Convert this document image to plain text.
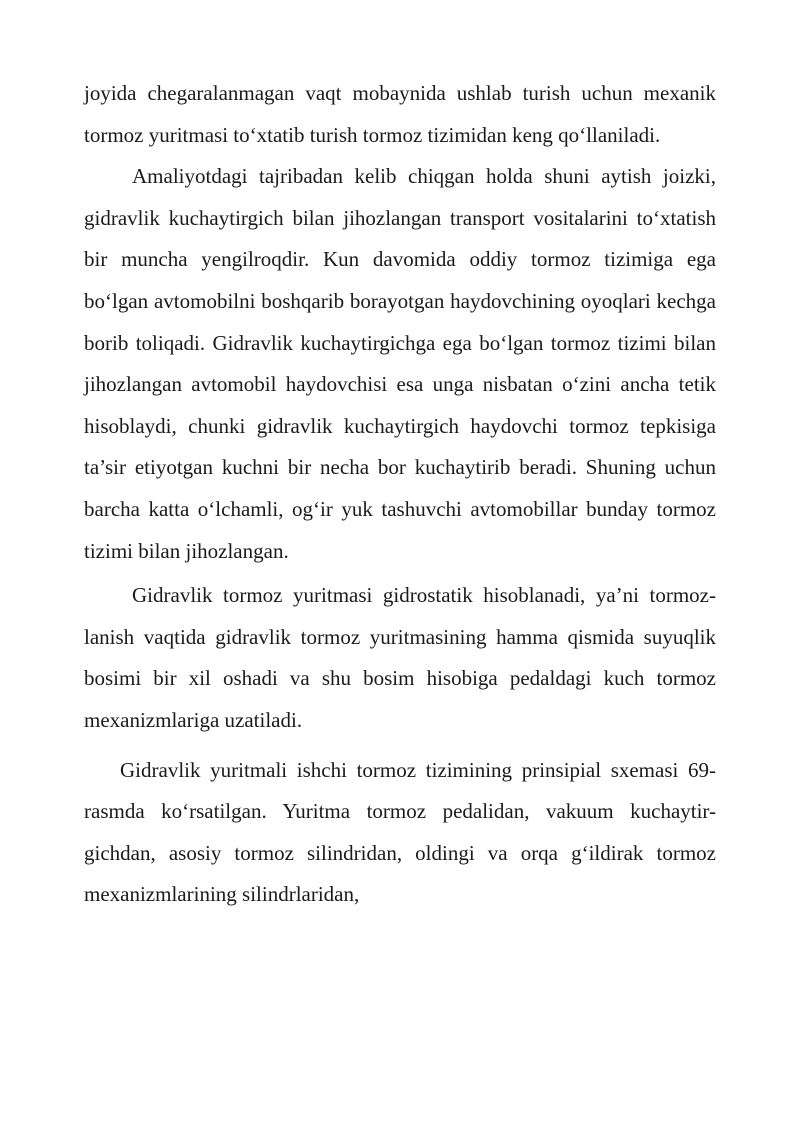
joyida chegaralanmagan vaqt mobaynida ushlab turish uchun mexanik tormoz yuritmasi to‘xtatib turish tormoz tizimidan keng qo‘llaniladi.

Amaliyotdagi tajribadan kelib chiqgan holda shuni aytish joizki, gidravlik kuchaytirgich bilan jihozlangan transport vositalarini to‘xtatish bir muncha yengilroqdir. Kun davomida oddiy tormoz tizimiga ega bo‘lgan avtomobilni boshqarib borayotgan haydovchining oyoqlari kechga borib toliqadi. Gidravlik kuchaytirgichga ega bo‘lgan tormoz tizimi bilan jihozlangan avtomobil haydovchisi esa unga nisbatan o‘zini ancha tetik hisoblaydi, chunki gidravlik kuchaytirgich haydovchi tormoz tepkisiga ta’sir etiyotgan kuchni bir necha bor kuchaytirib beradi. Shuning uchun barcha katta o‘lchamli, og‘ir yuk tashuvchi avtomobillar bunday tormoz tizimi bilan jihozlangan.

Gidravlik tormoz yuritmasi gidrostatik hisoblanadi, ya’ni tormoz-lanish vaqtida gidravlik tormoz yuritmasining hamma qismida suyuqlik bosimi bir xil oshadi va shu bosim hisobiga pedaldagi kuch tormoz mexanizmlariga uzatiladi.

Gidravlik yuritmali ishchi tormoz tizimining prinsipial sxemasi 69-rasmda ko‘rsatilgan. Yuritma tormoz pedalidan, vakuum kuchaytir-gichdan, asosiy tormoz silindridan, oldingi va orqa g‘ildirak tormoz mexanizmlarining silindrlaridan,
